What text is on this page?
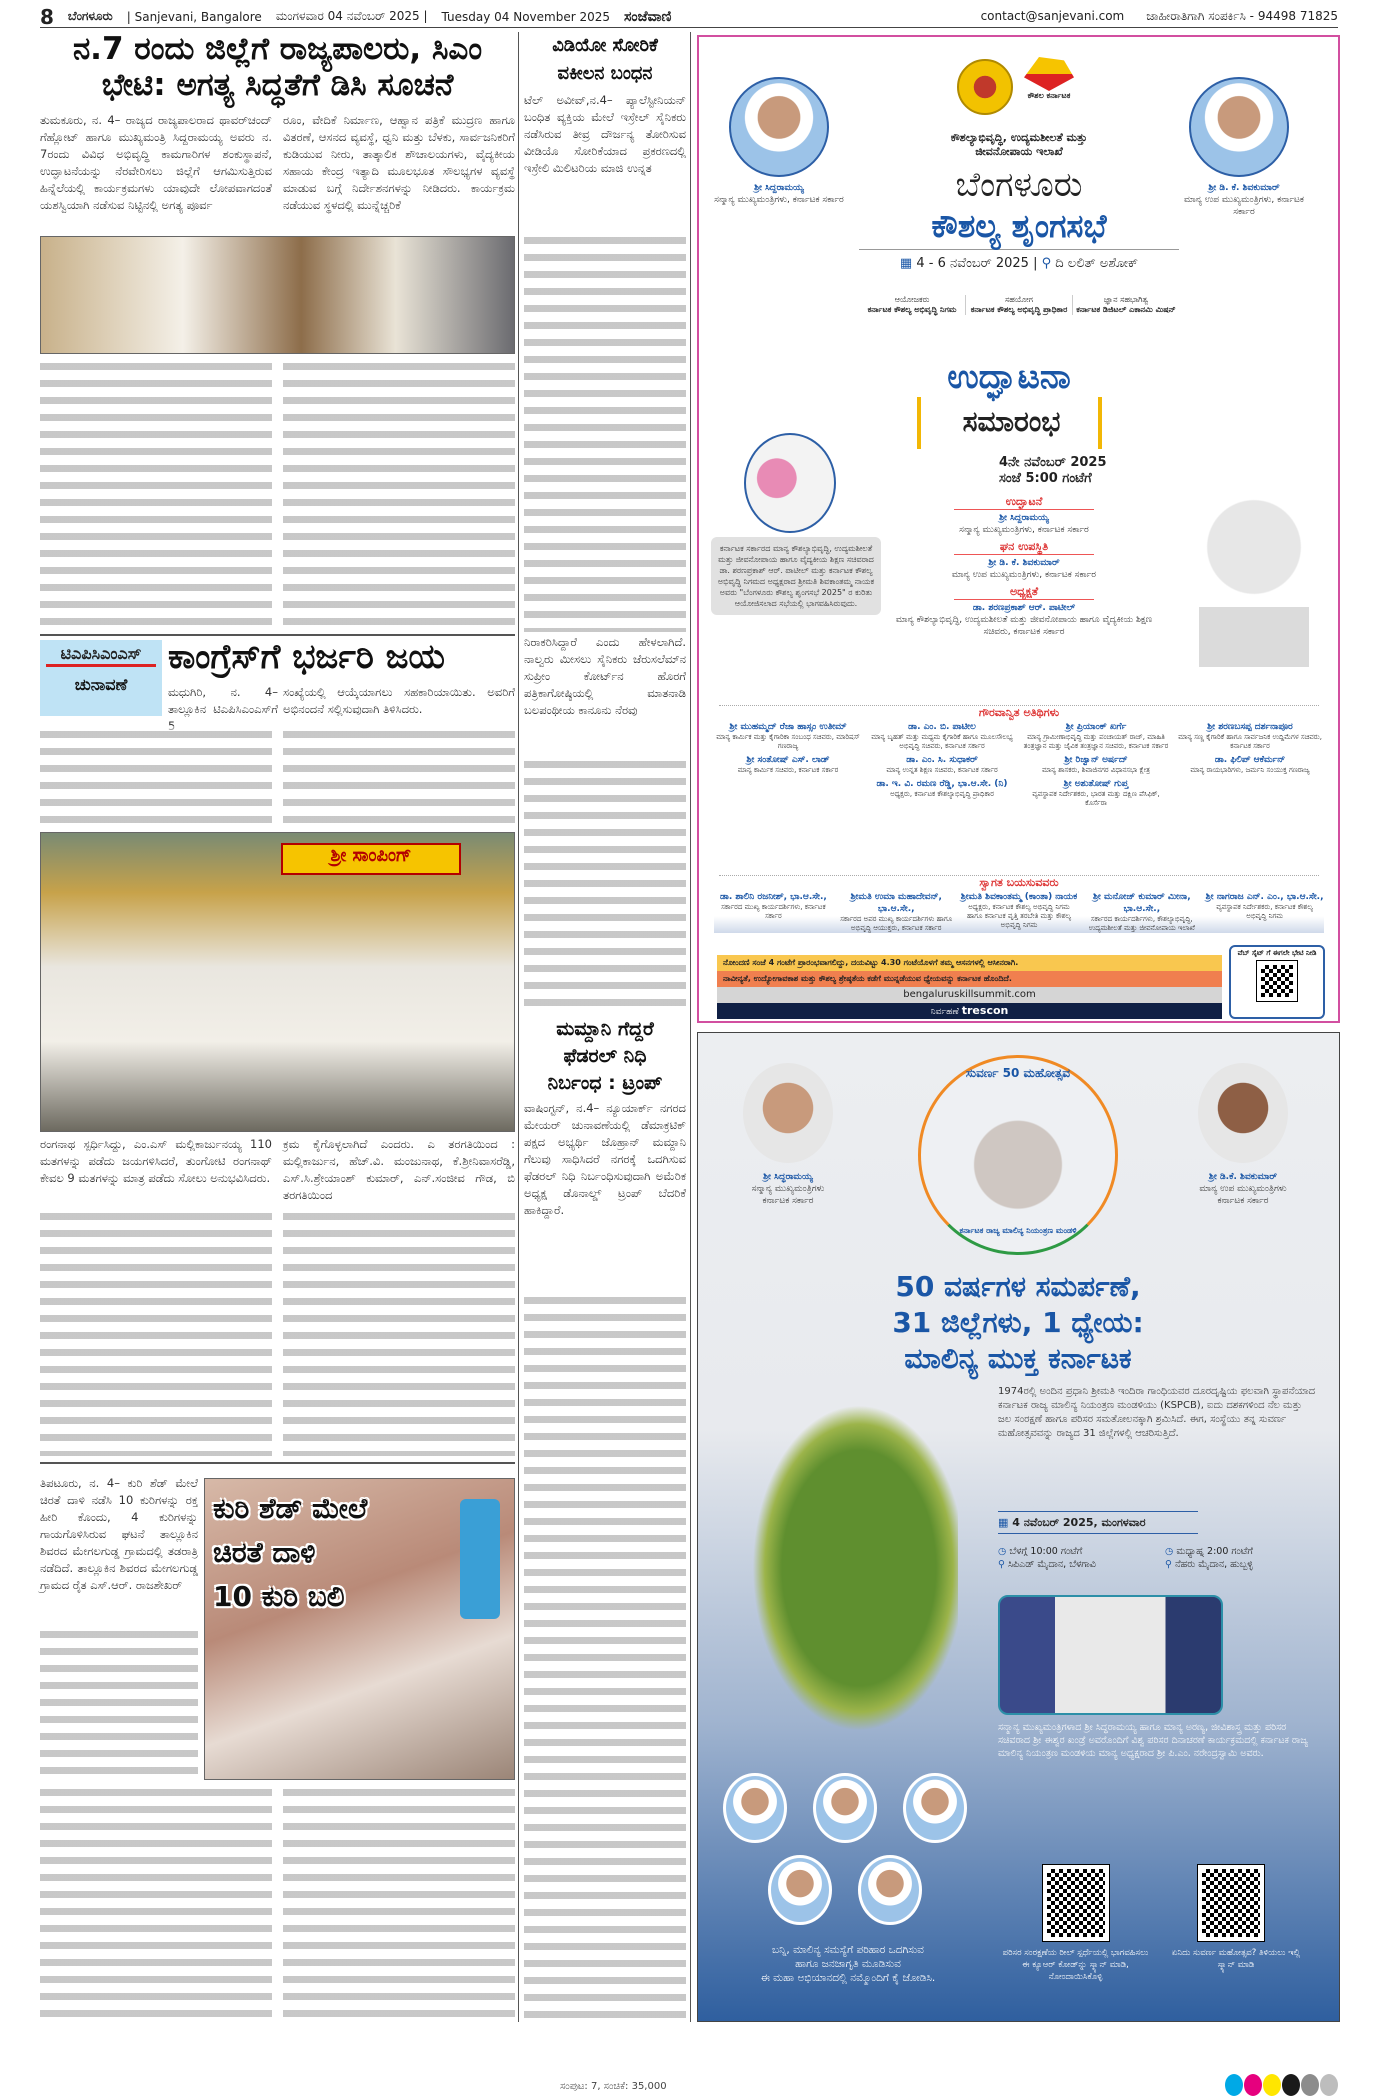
8 ಬೆಂಗಳೂರು | Sanjevani, Bangalore ಮಂಗಳವಾರ 04 ನವೆಂಬರ್ 2025 | Tuesday 04 November 2025 ಸಂಜೆವಾಣಿ	contact@sanjevani.com ಜಾಹೀರಾತಿಗಾಗಿ ಸಂಪರ್ಕಿಸಿ - 94498 71825
ನ.7 ರಂದು ಜಿಲ್ಲೆಗೆ ರಾಜ್ಯಪಾಲರು, ಸಿಎಂ
ಭೇಟಿ: ಅಗತ್ಯ ಸಿದ್ಧತೆಗೆ ಡಿಸಿ ಸೂಚನೆ
ತುಮಕೂರು, ನ. 4– ರಾಜ್ಯದ ರಾಜ್ಯಪಾಲರಾದ ಥಾವರ್‌ಚಂದ್ ಗೆಹ್ಲೋಟ್ ಹಾಗೂ ಮುಖ್ಯಮಂತ್ರಿ ಸಿದ್ದರಾಮಯ್ಯ ಅವರು ನ. 7ರಂದು ವಿವಿಧ ಅಭಿವೃದ್ಧಿ ಕಾಮಗಾರಿಗಳ ಶಂಕುಸ್ಥಾಪನೆ, ಉದ್ಘಾಟನೆಯನ್ನು ನೆರವೇರಿಸಲು ಜಿಲ್ಲೆಗೆ ಆಗಮಿಸುತ್ತಿರುವ ಹಿನ್ನೆಲೆಯಲ್ಲಿ ಕಾರ್ಯಕ್ರಮಗಳು ಯಾವುದೇ ಲೋಪವಾಗದಂತೆ ಯಶಸ್ವಿಯಾಗಿ ನಡೆಸುವ ನಿಟ್ಟಿನಲ್ಲಿ ಅಗತ್ಯ ಪೂರ್ವ
ರೂಂ, ವೇದಿಕೆ ನಿರ್ಮಾಣ, ಆಹ್ವಾನ ಪತ್ರಿಕೆ ಮುದ್ರಣ ಹಾಗೂ ವಿತರಣೆ, ಆಸನದ ವ್ಯವಸ್ಥೆ, ಧ್ವನಿ ಮತ್ತು ಬೆಳಕು, ಸಾರ್ವಜನಿಕರಿಗೆ ಕುಡಿಯುವ ನೀರು, ತಾತ್ಕಾಲಿಕ ಶೌಚಾಲಯಗಳು, ವೈದ್ಯಕೀಯ ಸಹಾಯ ಕೇಂದ್ರ ಇತ್ಯಾದಿ ಮೂಲಭೂತ ಸೌಲಭ್ಯಗಳ ವ್ಯವಸ್ಥೆ ಮಾಡುವ ಬಗ್ಗೆ ನಿರ್ದೇಶನಗಳನ್ನು ನೀಡಿದರು. ಕಾರ್ಯಕ್ರಮ ನಡೆಯುವ ಸ್ಥಳದಲ್ಲಿ ಮುನ್ನೆಚ್ಚರಿಕೆ
ಟಿಎಪಿಸಿಎಂಎಸ್
ಚುನಾವಣೆ
ಕಾಂಗ್ರೆಸ್‌ಗೆ ಭರ್ಜರಿ ಜಯ
ಮಧುಗಿರಿ, ನ. 4– ತಾಲ್ಲೂಕಿನ ಟಿಎಪಿಸಿಎಂಎಸ್‌ಗೆ
ಸಂಖ್ಯೆಯಲ್ಲಿ ಆಯ್ಕೆಯಾಗಲು ಸಹಕಾರಿಯಾಯಿತು. ಅವರಿಗೆ ಅಭಿನಂದನೆ ಸಲ್ಲಿಸುವುದಾಗಿ ತಿಳಿಸಿದರು.
ಶ್ರೀ ಸಾಂಪಿಂಗ್
ರಂಗನಾಥ ಸ್ಪರ್ಧಿಸಿದ್ದು, ಎಂ.ಎಸ್ ಮಲ್ಲಿಕಾರ್ಜುನಯ್ಯ 110 ಮತಗಳನ್ನು ಪಡೆದು ಜಯಗಳಿಸಿದರೆ, ತುಂಗೋಟಿ ರಂಗನಾಥ್ ಕೇವಲ 9 ಮತಗಳನ್ನು ಮಾತ್ರ ಪಡೆದು ಸೋಲು ಅನುಭವಿಸಿದರು.
ಕ್ರಮ ಕೈಗೊಳ್ಳಲಾಗಿದೆ ಎಂದರು. ಎ ತರಗತಿಯಿಂದ : ಮಲ್ಲಿಕಾರ್ಜುನ, ಹೆಚ್.ವಿ. ಮಂಜುನಾಥ, ಕೆ.ಶ್ರೀನಿವಾಸರೆಡ್ಡಿ, ಎಸ್.ಸಿ.ಶ್ರೇಯಾಂಶ್ ಕುಮಾರ್, ಎನ್.ಸಂಜೀವ ಗೌಡ, ಬಿ ತರಗತಿಯಿಂದ
ತಿಪಟೂರು, ನ. 4– ಕುರಿ ಶೆಡ್ ಮೇಲೆ ಚಿರತೆ ದಾಳಿ ನಡೆಸಿ 10 ಕುರಿಗಳನ್ನು ರಕ್ತ ಹೀರಿ ಕೊಂದು, 4 ಕುರಿಗಳನ್ನು ಗಾಯಗೊಳಿಸಿರುವ ಘಟನೆ ತಾಲ್ಲೂಕಿನ ಶಿವರದ ಮೇಗಲಗುಡ್ಡ ಗ್ರಾಮದಲ್ಲಿ ತಡರಾತ್ರಿ ನಡೆದಿದೆ. ತಾಲ್ಲೂಕಿನ ಶಿವರದ ಮೇಗಲಗುಡ್ಡ ಗ್ರಾಮದ ರೈತ ಎಸ್.ಆರ್. ರಾಜಶೇಖರ್
ಕುರಿ ಶೆಡ್ ಮೇಲೆ
ಚಿರತೆ ದಾಳಿ
10 ಕುರಿ ಬಲಿ
ವಿಡಿಯೋ ಸೋರಿಕೆ
ವಕೀಲನ ಬಂಧನ
ಟೆಲ್ ಅವೀವ್,ನ.4– ಪ್ಯಾಲೆಸ್ಟೀನಿಯನ್ ಬಂಧಿತ ವ್ಯಕ್ತಿಯ ಮೇಲೆ ಇಸ್ರೇಲ್ ಸೈನಿಕರು ನಡೆಸಿರುವ ತೀವ್ರ ದೌರ್ಜನ್ಯ ತೋರಿಸುವ ವೀಡಿಯೊ ಸೋರಿಕೆಯಾದ ಪ್ರಕರಣದಲ್ಲಿ ಇಸ್ರೇಲಿ ಮಿಲಿಟರಿಯ ಮಾಜಿ ಉನ್ನತ
ನಿರಾಕರಿಸಿದ್ದಾರೆ ಎಂದು ಹೇಳಲಾಗಿದೆ. ನಾಲ್ವರು ಮೀಸಲು ಸೈನಿಕರು ಜೆರುಸಲೆಮ್‌ನ ಸುಪ್ರೀಂ ಕೋರ್ಟ್‌ನ ಹೊರಗೆ ಪತ್ರಿಕಾಗೋಷ್ಠಿಯಲ್ಲಿ ಮಾತನಾಡಿ ಬಲಪಂಥೀಯ ಕಾನೂನು ನೆರವು
ಮಮ್ದಾನಿ ಗೆದ್ದರೆ
ಫೆಡರಲ್ ನಿಧಿ
ನಿರ್ಬಂಧ : ಟ್ರಂಪ್
ವಾಷಿಂಗ್ಟನ್, ನ.4– ನ್ಯೂಯಾರ್ಕ್ ನಗರದ ಮೇಯರ್ ಚುನಾವಣೆಯಲ್ಲಿ ಡೆಮಾಕ್ರಟಿಕ್ ಪಕ್ಷದ ಅಭ್ಯರ್ಥಿ ಜೊಹ್ರಾನ್ ಮಮ್ದಾನಿ ಗೆಲುವು ಸಾಧಿಸಿದರೆ ನಗರಕ್ಕೆ ಒದಗಿಸುವ ಫೆಡರಲ್ ನಿಧಿ ನಿರ್ಬಂಧಿಸುವುದಾಗಿ ಅಮೆರಿಕ ಅಧ್ಯಕ್ಷ ಡೊನಾಲ್ಡ್ ಟ್ರಂಪ್ ಬೆದರಿಕೆ ಹಾಕಿದ್ದಾರೆ.
ಶ್ರೀ ಸಿದ್ದರಾಮಯ್ಯ
ಸನ್ಮಾನ್ಯ ಮುಖ್ಯಮಂತ್ರಿಗಳು, ಕರ್ನಾಟಕ ಸರ್ಕಾರ
ಶ್ರೀ ಡಿ. ಕೆ. ಶಿವಕುಮಾರ್
ಮಾನ್ಯ ಉಪ ಮುಖ್ಯಮಂತ್ರಿಗಳು, ಕರ್ನಾಟಕ ಸರ್ಕಾರ
ಕೌಶಲ ಕರ್ನಾಟಕ
ಕೌಶಲ್ಯಾಭಿವೃದ್ಧಿ, ಉದ್ಯಮಶೀಲತೆ ಮತ್ತು
ಜೀವನೋಪಾಯ ಇಲಾಖೆ
ಬೆಂಗಳೂರು
ಕೌಶಲ್ಯ ಶೃಂಗಸಭೆ
▦ 4 - 6 ನವೆಂಬರ್ 2025 | ⚲ ದಿ ಲಲಿತ್ ಅಶೋಕ್
ಆಯೋಜಕರು
ಕರ್ನಾಟಕ ಕೌಶಲ್ಯ ಅಭಿವೃದ್ಧಿ ನಿಗಮ
ಸಹಯೋಗ
ಕರ್ನಾಟಕ ಕೌಶಲ್ಯ ಅಭಿವೃದ್ಧಿ ಪ್ರಾಧಿಕಾರ
ಜ್ಞಾನ ಸಹಭಾಗಿತ್ವ
ಕರ್ನಾಟಕ ಡಿಜಿಟಲ್ ಎಕಾನಮಿ ಮಿಷನ್
ಉದ್ಘಾಟನಾ
ಸಮಾರಂಭ
4ನೇ ನವೆಂಬರ್ 2025
ಸಂಜೆ 5:00 ಗಂಟೆಗೆ
ಕರ್ನಾಟಕ ಸರ್ಕಾರದ ಮಾನ್ಯ ಕೌಶಲ್ಯಾಭಿವೃದ್ಧಿ, ಉದ್ಯಮಶೀಲತೆ ಮತ್ತು ಜೀವನೋಪಾಯ ಹಾಗೂ ವೈದ್ಯಕೀಯ ಶಿಕ್ಷಣ ಸಚಿವರಾದ ಡಾ. ಶರಣಪ್ರಕಾಶ್ ಆರ್. ಪಾಟೀಲ್ ಮತ್ತು ಕರ್ನಾಟಕ ಕೌಶಲ್ಯ ಅಭಿವೃದ್ಧಿ ನಿಗಮದ ಅಧ್ಯಕ್ಷರಾದ ಶ್ರೀಮತಿ ಶಿವಕಾಂತಮ್ಮ ನಾಯಕ ಅವರು "ಬೆಂಗಳೂರು ಕೌಶಲ್ಯ ಶೃಂಗಸಭೆ 2025" ರ ಕುರಿತು ಆಯೋಜಿಸಲಾದ ಸಭೆಯಲ್ಲಿ ಭಾಗವಹಿಸಿರುವುದು.
ಉದ್ಘಾಟನೆ
ಶ್ರೀ ಸಿದ್ದರಾಮಯ್ಯ
ಸನ್ಮಾನ್ಯ ಮುಖ್ಯಮಂತ್ರಿಗಳು, ಕರ್ನಾಟಕ ಸರ್ಕಾರ
ಘನ ಉಪಸ್ಥಿತಿ
ಶ್ರೀ ಡಿ. ಕೆ. ಶಿವಕುಮಾರ್
ಮಾನ್ಯ ಉಪ ಮುಖ್ಯಮಂತ್ರಿಗಳು, ಕರ್ನಾಟಕ ಸರ್ಕಾರ
ಅಧ್ಯಕ್ಷತೆ
ಡಾ. ಶರಣಪ್ರಕಾಶ್ ಆರ್. ಪಾಟೀಲ್
ಮಾನ್ಯ ಕೌಶಲ್ಯಾಭಿವೃದ್ಧಿ, ಉದ್ಯಮಶೀಲತೆ ಮತ್ತು ಜೀವನೋಪಾಯ ಹಾಗೂ ವೈದ್ಯಕೀಯ ಶಿಕ್ಷಣ ಸಚಿವರು, ಕರ್ನಾಟಕ ಸರ್ಕಾರ
ಗೌರವಾನ್ವಿತ ಅತಿಥಿಗಳು
ಶ್ರೀ ಮುಹಮ್ಮದ್ ರೆಜಾ ಹಾಸ್ಸಂ ಉತೀಮ್
ಮಾನ್ಯ ಕಾರ್ಮಿಕ ಮತ್ತು ಕೈಗಾರಿಕಾ ಸಂಬಂಧ ಸಚಿವರು, ಮಾರಿಷಸ್ ಗಣರಾಜ್ಯ
ಡಾ. ಎಂ. ಬಿ. ಪಾಟೀಲ
ಮಾನ್ಯ ಬೃಹತ್ ಮತ್ತು ಮಧ್ಯಮ ಕೈಗಾರಿಕೆ ಹಾಗೂ ಮೂಲಸೌಲಭ್ಯ ಅಭಿವೃದ್ಧಿ ಸಚಿವರು, ಕರ್ನಾಟಕ ಸರ್ಕಾರ
ಶ್ರೀ ಪ್ರಿಯಾಂಕ್ ಖರ್ಗೆ
ಮಾನ್ಯ ಗ್ರಾಮೀಣಾಭಿವೃದ್ಧಿ ಮತ್ತು ಪಂಚಾಯತ್ ರಾಜ್, ಮಾಹಿತಿ ತಂತ್ರಜ್ಞಾನ ಮತ್ತು ಜೈವಿಕ ತಂತ್ರಜ್ಞಾನ ಸಚಿವರು, ಕರ್ನಾಟಕ ಸರ್ಕಾರ
ಶ್ರೀ ಶರಣಬಸಪ್ಪ ದರ್ಶನಾಪೂರ
ಮಾನ್ಯ ಸಣ್ಣ ಕೈಗಾರಿಕೆ ಹಾಗೂ ಸಾರ್ವಜನಿಕ ಉದ್ದಿಮೆಗಳ ಸಚಿವರು, ಕರ್ನಾಟಕ ಸರ್ಕಾರ
ಶ್ರೀ ಸಂತೋಷ್ ಎಸ್. ಲಾಡ್
ಮಾನ್ಯ ಕಾರ್ಮಿಕ ಸಚಿವರು, ಕರ್ನಾಟಕ ಸರ್ಕಾರ
ಡಾ. ಎಂ. ಸಿ. ಸುಧಾಕರ್
ಮಾನ್ಯ ಉನ್ನತ ಶಿಕ್ಷಣ ಸಚಿವರು, ಕರ್ನಾಟಕ ಸರ್ಕಾರ
ಶ್ರೀ ರಿಜ್ವಾನ್ ಅರ್ಷದ್
ಮಾನ್ಯ ಶಾಸಕರು, ಶಿವಾಜಿನಗರ ವಿಧಾನಸಭಾ ಕ್ಷೇತ್ರ
ಡಾ. ಫಿಲಿಪ್ ಆಕೆರ್ಮನ್
ಮಾನ್ಯ ರಾಯಭಾರಿಗಳು, ಜರ್ಮನಿ ಸಂಯುಕ್ತ ಗಣರಾಜ್ಯ
ಡಾ. ಇ. ವಿ. ರಮಣ ರೆಡ್ಡಿ, ಭಾ.ಆ.ಸೇ. (ನಿ)
ಅಧ್ಯಕ್ಷರು, ಕರ್ನಾಟಕ ಕೌಶಲ್ಯಾಭಿವೃದ್ಧಿ ಪ್ರಾಧಿಕಾರ
ಶ್ರೀ ಅಶುತೋಷ್ ಗುಪ್ತ
ವ್ಯವಸ್ಥಾಪಕ ನಿರ್ದೇಶಕರು, ಭಾರತ ಮತ್ತು ದಕ್ಷಿಣ ಪೆಸಿಫಿಕ್, ಕೊರ್ಸೆರಾ
ಸ್ವಾಗತ ಬಯಸುವವರು
ಡಾ. ಶಾಲಿನಿ ರಜನೀಶ್, ಭಾ.ಆ.ಸೇ.,
ಸರ್ಕಾರದ ಮುಖ್ಯ ಕಾರ್ಯದರ್ಶಿಗಳು, ಕರ್ನಾಟಕ ಸರ್ಕಾರ
ಶ್ರೀಮತಿ ಉಮಾ ಮಹಾದೇವನ್, ಭಾ.ಆ.ಸೇ.,
ಸರ್ಕಾರದ ಅಪರ ಮುಖ್ಯ ಕಾರ್ಯದರ್ಶಿಗಳು ಹಾಗೂ ಅಭಿವೃದ್ಧಿ ಆಯುಕ್ತರು, ಕರ್ನಾಟಕ ಸರ್ಕಾರ
ಶ್ರೀಮತಿ ಶಿವಕಾಂತಮ್ಮ (ಕಾಂತಾ) ನಾಯಕ
ಅಧ್ಯಕ್ಷರು, ಕರ್ನಾಟಕ ಕೌಶಲ್ಯ ಅಭಿವೃದ್ಧಿ ನಿಗಮ ಹಾಗೂ ಕರ್ನಾಟಕ ವೃತ್ತಿ ತರಬೇತಿ ಮತ್ತು ಕೌಶಲ್ಯ ಅಭಿವೃದ್ಧಿ ನಿಗಮ
ಶ್ರೀ ಮನೋಜ್ ಕುಮಾರ್ ಮೀನಾ, ಭಾ.ಆ.ಸೇ.,
ಸರ್ಕಾರದ ಕಾರ್ಯದರ್ಶಿಗಳು, ಕೌಶಲ್ಯಾಭಿವೃದ್ಧಿ, ಉದ್ಯಮಶೀಲತೆ ಮತ್ತು ಜೀವನೋಪಾಯ ಇಲಾಖೆ
ಶ್ರೀ ನಾಗರಾಜ ಎನ್. ಎಂ., ಭಾ.ಆ.ಸೇ.,
ವ್ಯವಸ್ಥಾಪಕ ನಿರ್ದೇಶಕರು, ಕರ್ನಾಟಕ ಕೌಶಲ್ಯ ಅಭಿವೃದ್ಧಿ ನಿಗಮ
ನೋಂದಣಿ ಸಂಜೆ 4 ಗಂಟೆಗೆ ಪ್ರಾರಂಭವಾಗಲಿದ್ದು, ದಯವಿಟ್ಟು 4.30 ಗಂಟೆಯೊಳಗೆ ತಮ್ಮ ಆಸನಗಳಲ್ಲಿ ಆಸೀನರಾಗಿ.
ನಾವೀನ್ಯತೆ, ಉದ್ಯೋಗಾವಕಾಶ ಮತ್ತು ಕೌಶಲ್ಯ ಶ್ರೇಷ್ಠತೆಯ ಕಡೆಗೆ ಮುನ್ನಡೆಯುವ ಧ್ಯೇಯವನ್ನು ಕರ್ನಾಟಕ ಹೊಂದಿದೆ.
bengaluruskillsummit.com
ನಿರ್ವಹಣೆ trescon
ವೆಬ್ ಸೈಟ್ ಗೆ ಈಗಲೇ ಭೇಟಿ ನೀಡಿ
ಶ್ರೀ ಸಿದ್ಧರಾಮಯ್ಯ
ಸನ್ಮಾನ್ಯ ಮುಖ್ಯಮಂತ್ರಿಗಳು
ಕರ್ನಾಟಕ ಸರ್ಕಾರ
ಶ್ರೀ ಡಿ.ಕೆ. ಶಿವಕುಮಾರ್
ಮಾನ್ಯ ಉಪ ಮುಖ್ಯಮಂತ್ರಿಗಳು
ಕರ್ನಾಟಕ ಸರ್ಕಾರ
ಸುವರ್ಣ 50 ಮಹೋತ್ಸವ
ಕರ್ನಾಟಕ ರಾಜ್ಯ ಮಾಲಿನ್ಯ ನಿಯಂತ್ರಣ ಮಂಡಳಿ
50 ವರ್ಷಗಳ ಸಮರ್ಪಣೆ,
31 ಜಿಲ್ಲೆಗಳು, 1 ಧ್ಯೇಯ:
ಮಾಲಿನ್ಯ ಮುಕ್ತ ಕರ್ನಾಟಕ
1974ರಲ್ಲಿ ಅಂದಿನ ಪ್ರಧಾನಿ ಶ್ರೀಮತಿ ಇಂದಿರಾ ಗಾಂಧಿಯವರ ದೂರದೃಷ್ಟಿಯ ಫಲವಾಗಿ ಸ್ಥಾಪನೆಯಾದ ಕರ್ನಾಟಕ ರಾಜ್ಯ ಮಾಲಿನ್ಯ ನಿಯಂತ್ರಣ ಮಂಡಳಿಯು (KSPCB), ಐದು ದಶಕಗಳಿಂದ ನೆಲ ಮತ್ತು ಜಲ ಸಂರಕ್ಷಣೆ ಹಾಗೂ ಪರಿಸರ ಸಮತೋಲನಕ್ಕಾಗಿ ಶ್ರಮಿಸಿದೆ. ಈಗ, ಸಂಸ್ಥೆಯು ತನ್ನ ಸುವರ್ಣ ಮಹೋತ್ಸವವನ್ನು ರಾಜ್ಯದ 31 ಜಿಲ್ಲೆಗಳಲ್ಲಿ ಆಚರಿಸುತ್ತಿದೆ.
▦ 4 ನವೆಂಬರ್ 2025, ಮಂಗಳವಾರ
◷ ಬೆಳಗ್ಗೆ 10:00 ಗಂಟೆಗೆ
⚲ ಸಿಪಿಎಡ್ ಮೈದಾನ, ಬೆಳಗಾವಿ
◷ ಮಧ್ಯಾಹ್ನ 2:00 ಗಂಟೆಗೆ
⚲ ನೆಹರು ಮೈದಾನ, ಹುಬ್ಬಳ್ಳಿ
ಸನ್ಮಾನ್ಯ ಮುಖ್ಯಮಂತ್ರಿಗಳಾದ ಶ್ರೀ ಸಿದ್ಧರಾಮಯ್ಯ ಹಾಗೂ ಮಾನ್ಯ ಅರಣ್ಯ, ಜೀವಿಶಾಸ್ತ್ರ ಮತ್ತು ಪರಿಸರ ಸಚಿವರಾದ ಶ್ರೀ ಈಶ್ವರ ಖಂಡ್ರೆ ಅವರೊಂದಿಗೆ ವಿಶ್ವ ಪರಿಸರ ದಿನಾಚರಣೆ ಕಾರ್ಯಕ್ರಮದಲ್ಲಿ ಕರ್ನಾಟಕ ರಾಜ್ಯ ಮಾಲಿನ್ಯ ನಿಯಂತ್ರಣ ಮಂಡಳಿಯ ಮಾನ್ಯ ಅಧ್ಯಕ್ಷರಾದ ಶ್ರೀ ಪಿ.ಎಂ. ನರೇಂದ್ರಸ್ವಾಮಿ ಅವರು.
ಬನ್ನಿ, ಮಾಲಿನ್ಯ ಸಮಸ್ಯೆಗೆ ಪರಿಹಾರ ಒದಗಿಸುವ
ಹಾಗೂ ಜನಜಾಗೃತಿ ಮೂಡಿಸುವ
ಈ ಮಹಾ ಅಭಿಯಾನದಲ್ಲಿ ನಮ್ಮೊಂದಿಗೆ ಕೈ ಜೋಡಿಸಿ.
ಪರಿಸರ ಸಂರಕ್ಷಣೆಯ ರೀಲ್ ಸ್ಪರ್ಧೆಯಲ್ಲಿ ಭಾಗವಹಿಸಲು ಈ ಕ್ಯೂಆರ್ ಕೋಡ್‌ನ್ನು ಸ್ಕ್ಯಾನ್ ಮಾಡಿ, ನೋಂದಾಯಿಸಿಕೊಳ್ಳಿ
ಏನಿದು ಸುವರ್ಣ ಮಹೋತ್ಸವ? ತಿಳಿಯಲು ಇಲ್ಲಿ ಸ್ಕ್ಯಾನ್ ಮಾಡಿ
ಸಂಪುಟ: 7, ಸಂಚಿಕೆ: 35,000
